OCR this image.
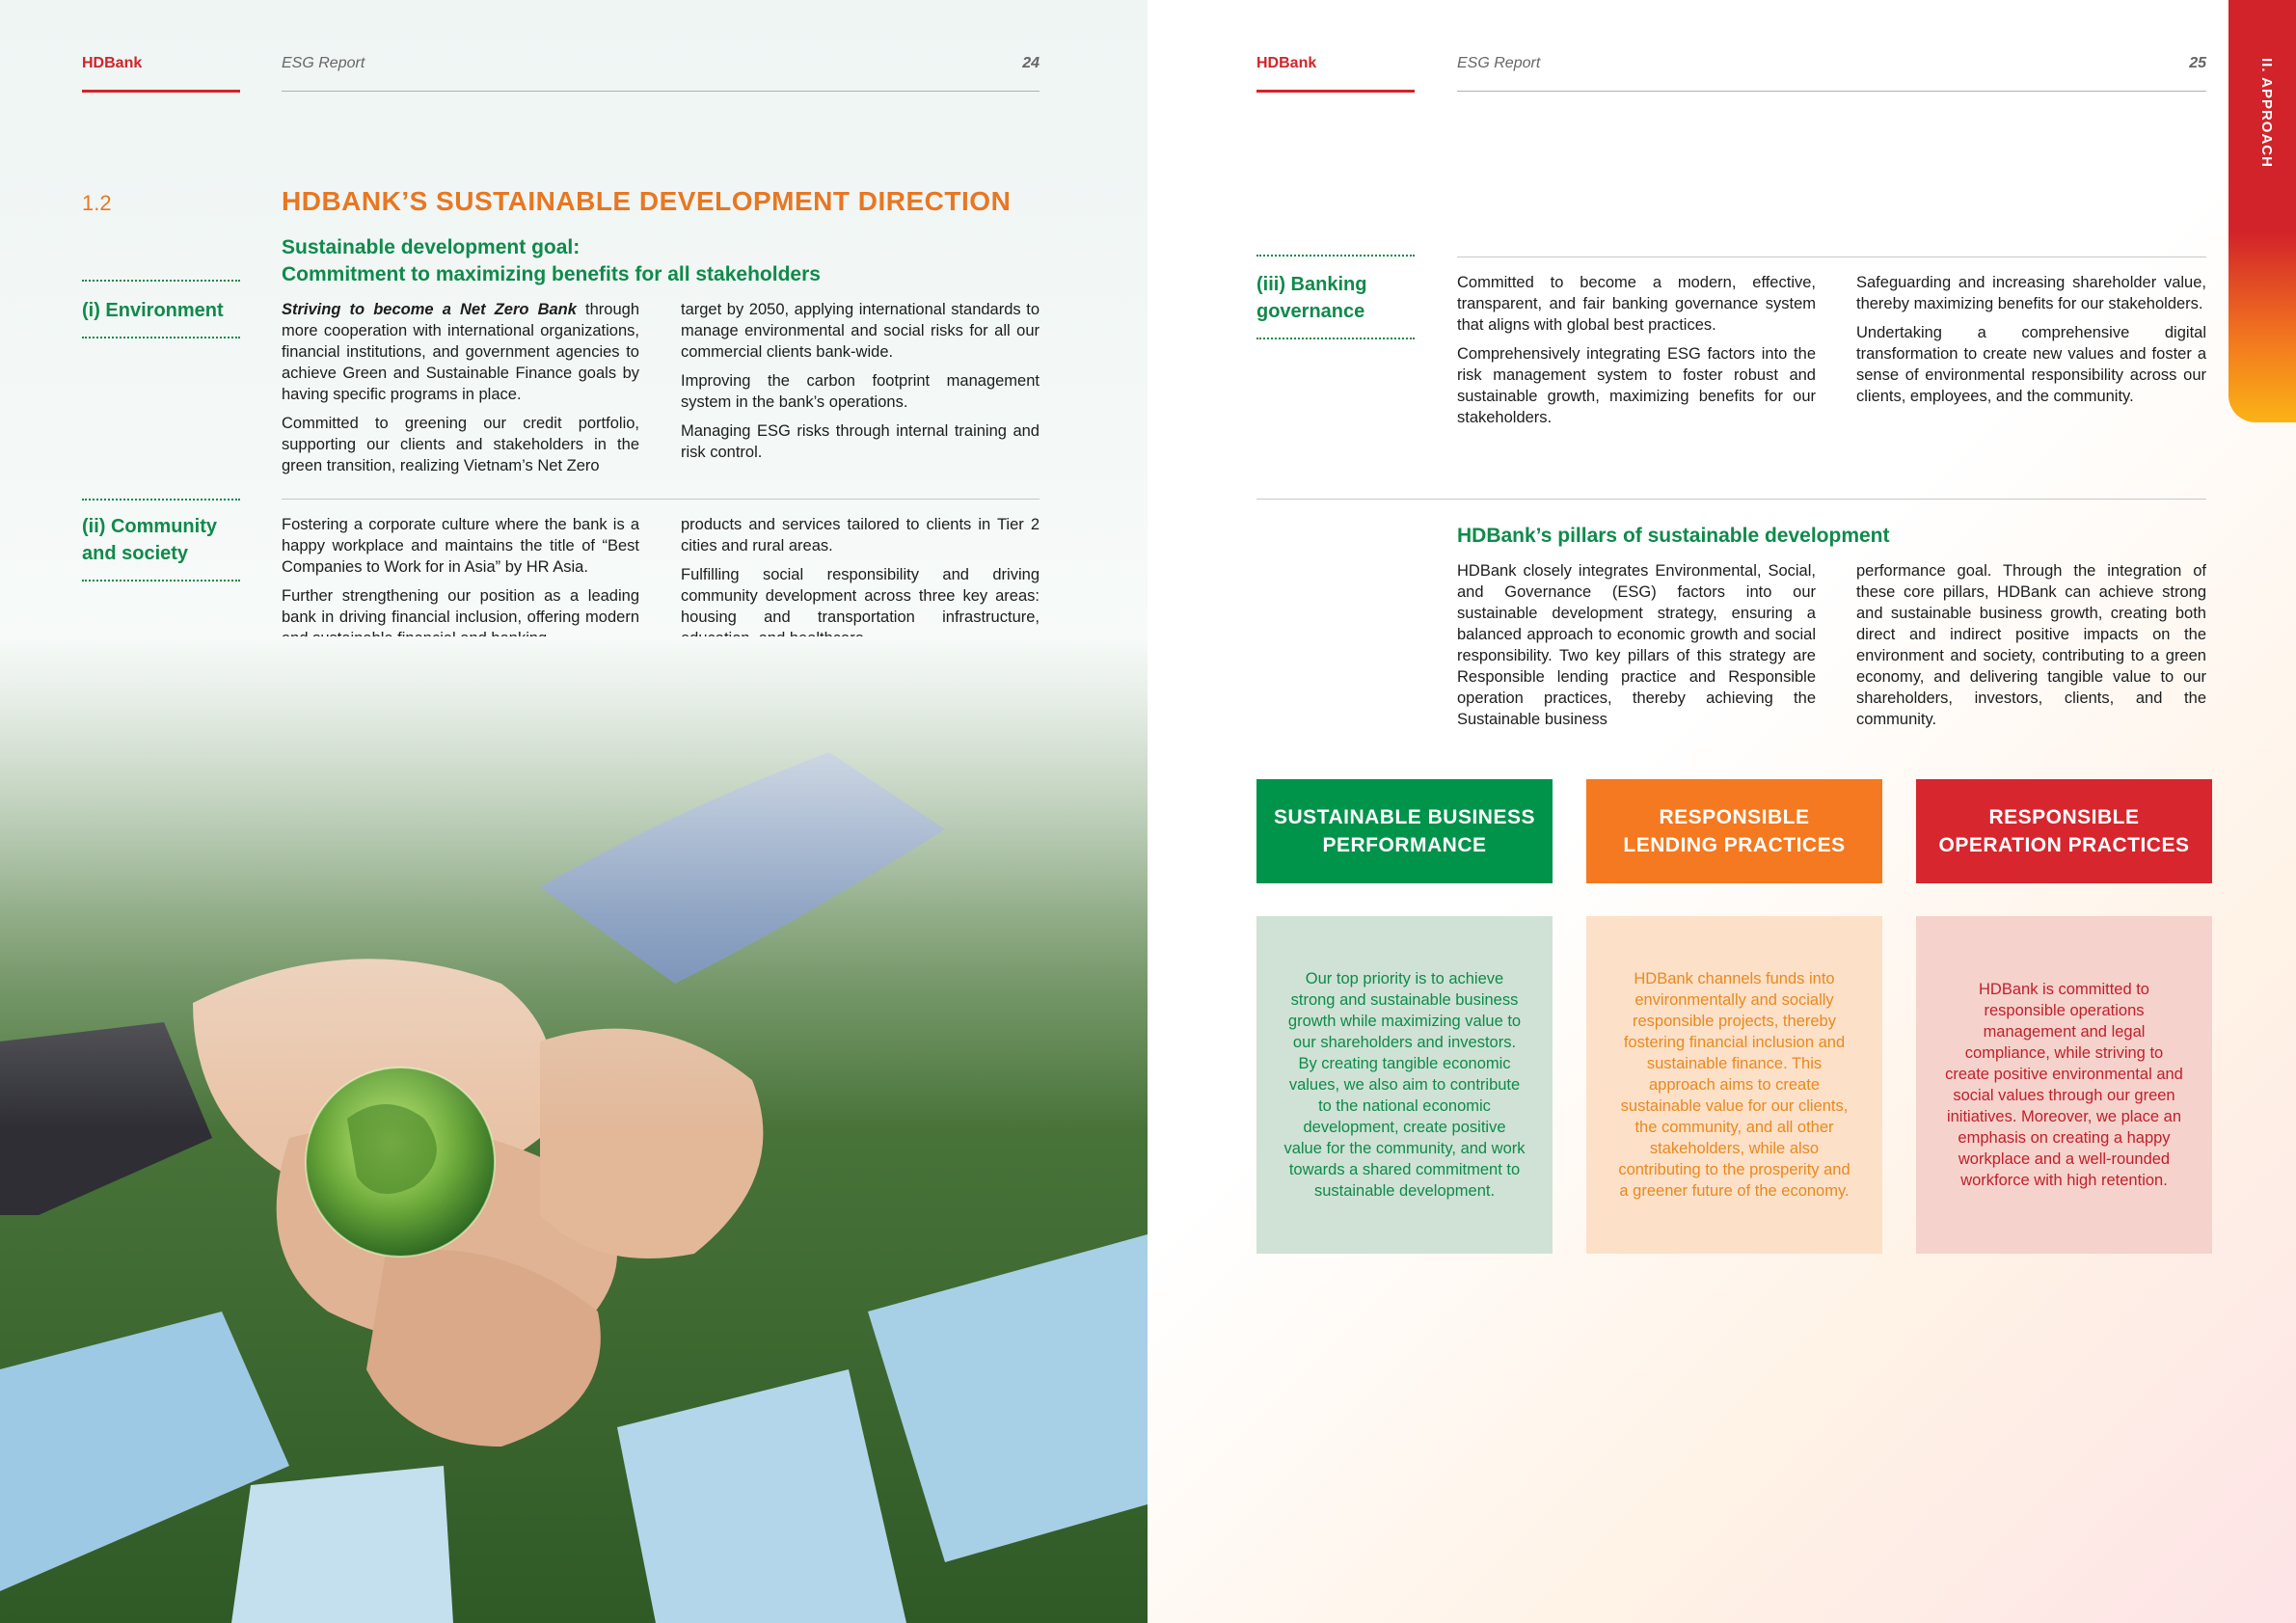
HDBank	ESG Report	24
1.2	HDBANK’S SUSTAINABLE DEVELOPMENT DIRECTION
Sustainable development goal:
Commitment to maximizing benefits for all stakeholders
(i) Environment	Striving to become a Net Zero Bank through more cooperation with international organizations, financial institutions, and government agencies to achieve Green and Sustainable Finance goals by having specific programs in place.

Committed to greening our credit portfolio, supporting our clients and stakeholders in the green transition, realizing Vietnam’s Net Zero

target by 2050, applying international standards to manage environmental and social risks for all our commercial clients bank-wide.

Improving the carbon footprint management system in the bank’s operations.

Managing ESG risks through internal training and risk control.

(ii) Community
and society

Fostering a corporate culture where the bank is a happy workplace and maintains the title of “Best Companies to Work for in Asia” by HR Asia.

Further strengthening our position as a leading bank in driving financial inclusion, offering modern

products and services tailored to clients in Tier 2 cities and rural areas.

Fulfilling social responsibility and driving community development across three key areas: housing and transportation infrastructure,

II. APPROACH
HDBank	ESG Report	25
(iii) Banking
governance

Committed to become a modern, effective, transparent, and fair banking governance system that aligns with global best practices.

Comprehensively integrating ESG factors into the risk management system to foster robust and sustainable growth, maximizing benefits for our stakeholders.

Safeguarding and increasing shareholder value, thereby maximizing benefits for our stakeholders.

Undertaking a comprehensive digital transformation to create new values and foster a sense of environmental responsibility across our clients, employees, and the community.

HDBank’s pillars of sustainable development
HDBank closely integrates Environmental, Social, and Governance (ESG) factors into our sustainable development strategy, ensuring a balanced approach to economic growth and social responsibility. Two key pillars of this strategy are Responsible lending practice and Responsible operation practices, thereby achieving the Sustainable business
performance goal. Through the integration of these core pillars, HDBank can achieve strong and sustainable business growth, creating both direct and indirect positive impacts on the environment and society, contributing to a green economy, and delivering tangible value to our shareholders, investors, clients, and the community.
SUSTAINABLE BUSINESS
PERFORMANCE
RESPONSIBLE
LENDING PRACTICES
RESPONSIBLE
OPERATION PRACTICES
Our top priority is to achieve strong and sustainable business growth while maximizing value to our shareholders and investors. By creating tangible economic values, we also aim to contribute to the national economic development, create positive value for the community, and work towards a shared commitment to sustainable development.
HDBank channels funds into environmentally and socially responsible projects, thereby fostering financial inclusion and sustainable finance. This approach aims to create sustainable value for our clients, the community, and all other stakeholders, while also contributing to the prosperity and a greener future of the economy.
HDBank is committed to responsible operations management and legal compliance, while striving to create positive environmental and social values through our green initiatives. Moreover, we place an emphasis on creating a happy workplace and a well-rounded workforce with high retention.
